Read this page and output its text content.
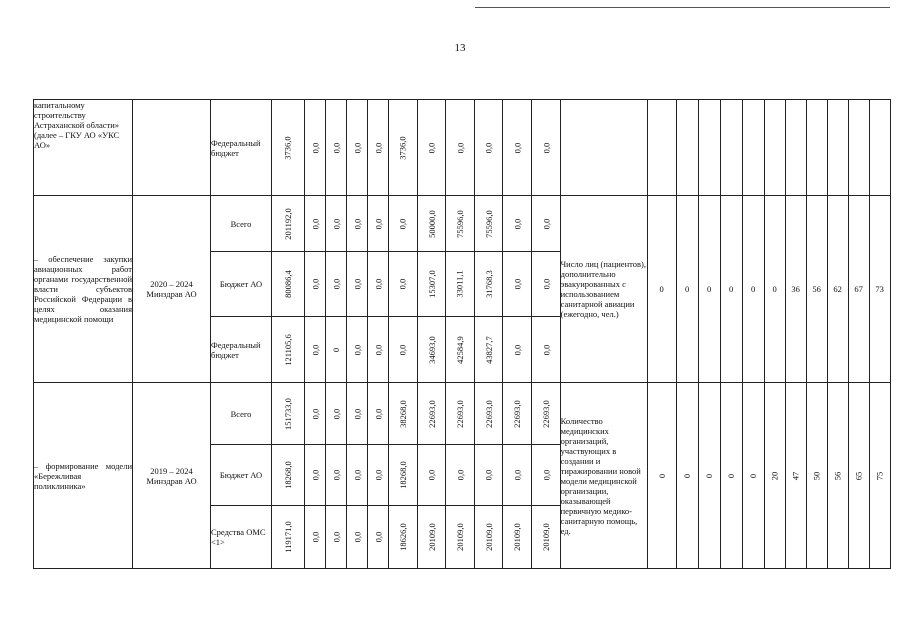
13
капитальному строительству Астраханской области» (далее – ГКУ АО «УКС АО»		Федеральный бюджет	3736,0	0,0	0,0	0,0	0,0	3736,0	0,0	0,0	0,0	0,0	0,0												
– обеспечение закупки авиационных работ органами государственной власти субъектов Российской Федерации в целях оказания медицинской помощи	2020 – 2024 Минздрав АО	Всего	201192,0	0,0	0,0	0,0	0,0	0,0	50000,0	75596,0	75596,0	0,0	0,0	Число лиц (пациентов), дополнительно эвакуированных с использованием санитарной авиации (ежегодно, чел.)	0	0	0	0	0	0	36	56	62	67	73
		Бюджет АО	80086,4	0,0	0,0	0,0	0,0	0,0	15307,0	33011,1	31768,3	0,0	0,0												
		Федеральный бюджет	121105,6	0,0	0	0,0	0,0	0,0	34693,0	42584,9	43827,7	0,0	0,0												
– формирование модели «Бережливая поликлиника»	2019 – 2024 Минздрав АО	Всего	151733,0	0,0	0,0	0,0	0,0	38268,0	22693,0	22693,0	22693,0	22693,0	22693,0	Количество медицинских организаций, участвующих в создании и тиражировании новой модели медицинской организации, оказывающей первичную медико-санитарную помощь, ед.	0	0	0	0	0	20	47	50	56	65	75
		Бюджет АО	18268,0	0,0	0,0	0,0	0,0	18268,0	0,0	0,0	0,0	0,0	0,0												
		Средства ОМС <1>	119171,0	0,0	0,0	0,0	0,0	18626,0	20109,0	20109,0	20109,0	20109,0	20109,0												
